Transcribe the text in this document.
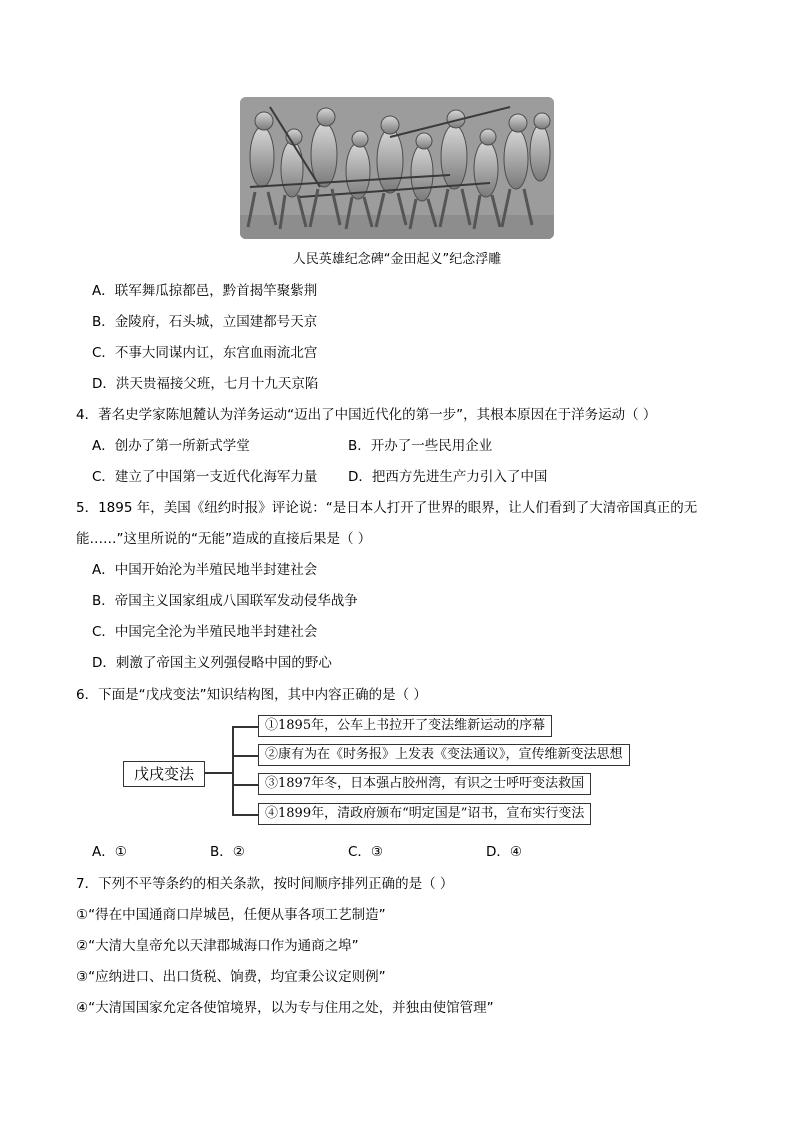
人民英雄纪念碑“金田起义”纪念浮雕
A．联军舞瓜掠都邑，黔首揭竿聚紫荆
B．金陵府，石头城，立国建都号天京
C．不事大同谋内讧，东宫血雨流北宫
D．洪天贵福接父班，七月十九天京陷
4．著名史学家陈旭麓认为洋务运动“迈出了中国近代化的第一步”，其根本原因在于洋务运动（ ）
A．创办了第一所新式学堂	B．开办了一些民用企业
C．建立了中国第一支近代化海军力量 D．把西方先进生产力引入了中国
5．1895 年，美国《纽约时报》评论说：“是日本人打开了世界的眼界，让人们看到了大清帝国真正的无
能……”这里所说的“无能”造成的直接后果是（ ）
A．中国开始沦为半殖民地半封建社会
B．帝国主义国家组成八国联军发动侵华战争
C．中国完全沦为半殖民地半封建社会
D．刺激了帝国主义列强侵略中国的野心
6．下面是“戊戌变法”知识结构图，其中内容正确的是（ ）
戊戌变法
①1895年，公车上书拉开了变法维新运动的序幕
②康有为在《时务报》上发表《变法通议》，宣传维新变法思想
③1897年冬，日本强占胶州湾，有识之士呼吁变法救国
④1899年，清政府颁布“明定国是”诏书，宣布实行变法
A．①	B．②	C．③	D．④
7．下列不平等条约的相关条款，按时间顺序排列正确的是（ ）
①“得在中国通商口岸城邑，任便从事各项工艺制造”
②“大清大皇帝允以天津郡城海口作为通商之埠”
③“应纳进口、出口货税、饷费，均宜秉公议定则例”
④“大清国国家允定各使馆境界，以为专与住用之处，并独由使馆管理”
